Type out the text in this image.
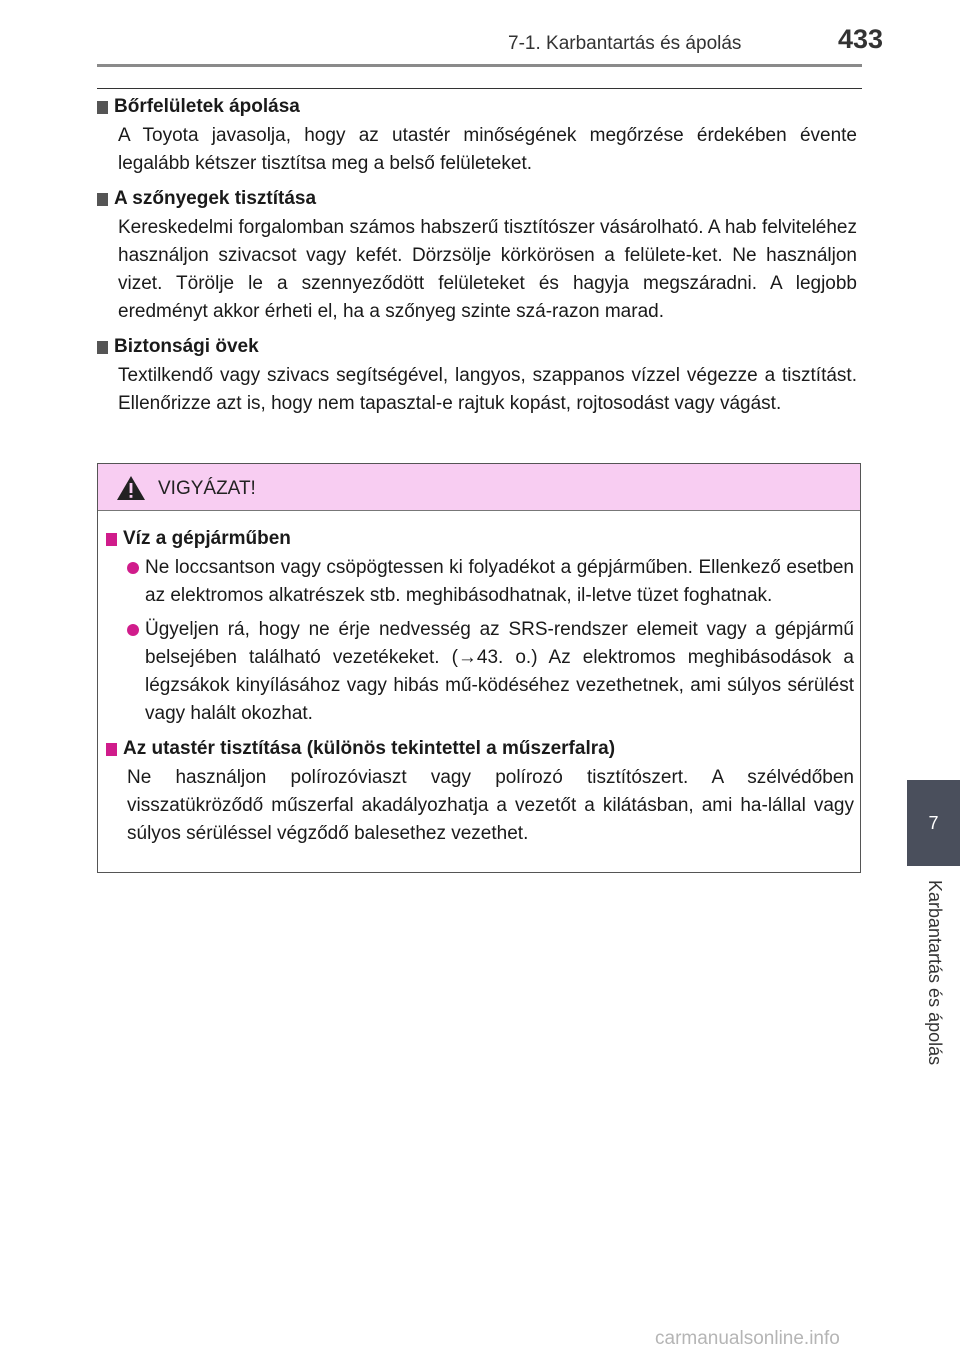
7-1. Karbantartás és ápolás	433
Bőrfelületek ápolása
A Toyota javasolja, hogy az utastér minőségének megőrzése érdekében évente legalább kétszer tisztítsa meg a belső felületeket.
A szőnyegek tisztítása
Kereskedelmi forgalomban számos habszerű tisztítószer vásárolható. A hab felviteléhez használjon szivacsot vagy kefét. Dörzsölje körkörösen a felülete-ket. Ne használjon vizet. Törölje le a szennyeződött felületeket és hagyja megszáradni. A legjobb eredményt akkor érheti el, ha a szőnyeg szinte szá-razon marad.
Biztonsági övek
Textilkendő vagy szivacs segítségével, langyos, szappanos vízzel végezze a tisztítást. Ellenőrizze azt is, hogy nem tapasztal-e rajtuk kopást, rojtosodást vagy vágást.
VIGYÁZAT!
Víz a gépjárműben
Ne loccsantson vagy csöpögtessen ki folyadékot a gépjárműben. Ellenkező esetben az elektromos alkatrészek stb. meghibásodhatnak, il-letve tüzet foghatnak.
Ügyeljen rá, hogy ne érje nedvesség az SRS-rendszer elemeit vagy a gépjármű belsejében található vezetékeket. (→43. o.) Az elektromos meghibásodások a légzsákok kinyílásához vagy hibás mű-ködéséhez vezethetnek, ami súlyos sérülést vagy halált okozhat.
Az utastér tisztítása (különös tekintettel a műszerfalra)
Ne használjon polírozóviaszt vagy polírozó tisztítószert. A szélvédőben visszatükröződő műszerfal akadályozhatja a vezetőt a kilátásban, ami ha-lállal vagy súlyos sérüléssel végződő balesethez vezethet.
7
Karbantartás és ápolás
carmanualsonline.info
